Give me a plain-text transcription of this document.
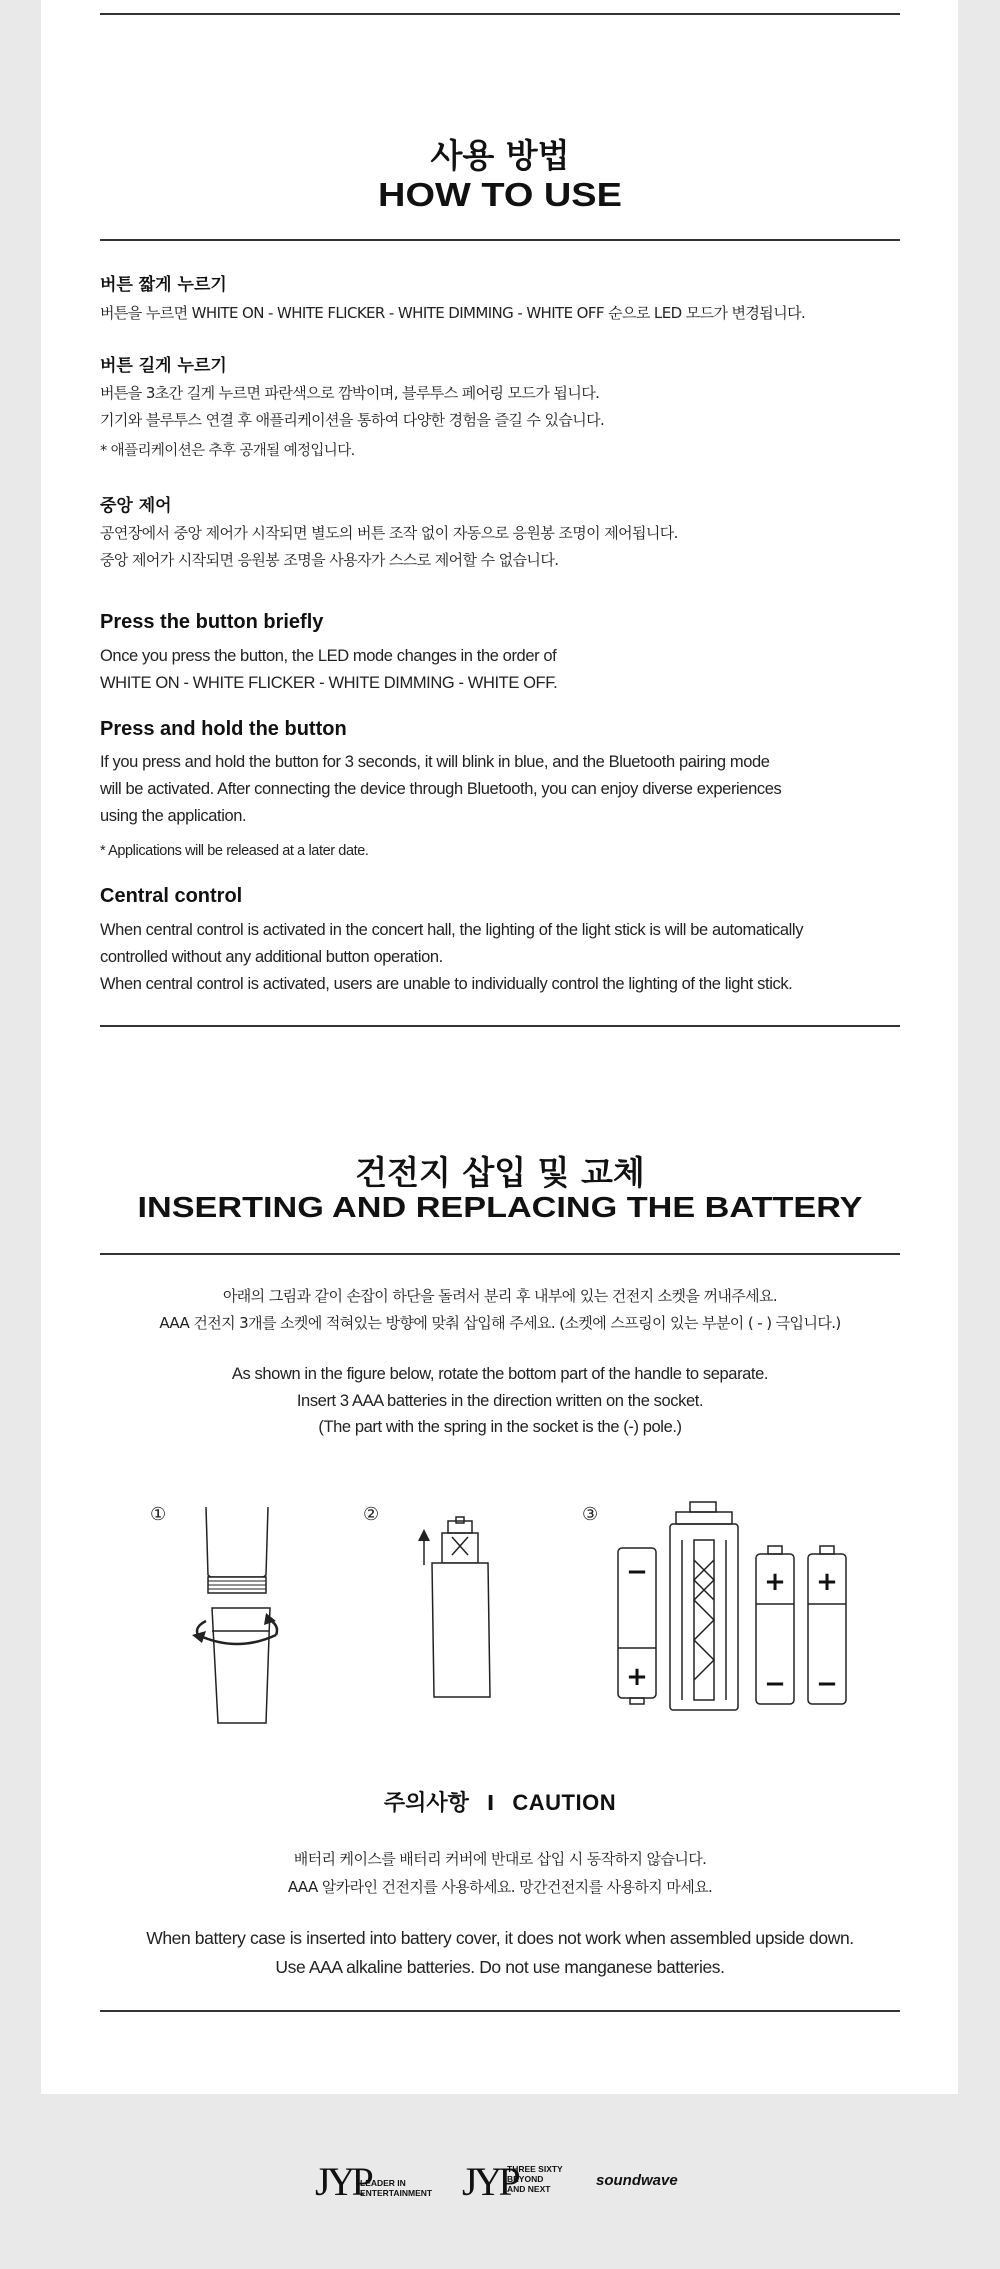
사용 방법
HOW TO USE
버튼 짧게 누르기
버튼을 누르면 WHITE ON - WHITE FLICKER - WHITE DIMMING - WHITE OFF 순으로 LED 모드가 변경됩니다.
버튼 길게 누르기
버튼을 3초간 길게 누르면 파란색으로 깜박이며, 블루투스 페어링 모드가 됩니다.
기기와 블루투스 연결 후 애플리케이션을 통하여 다양한 경험을 즐길 수 있습니다.
* 애플리케이션은 추후 공개될 예정입니다.
중앙 제어
공연장에서 중앙 제어가 시작되면 별도의 버튼 조작 없이 자동으로 응원봉 조명이 제어됩니다.
중앙 제어가 시작되면 응원봉 조명을 사용자가 스스로 제어할 수 없습니다.
Press the button briefly
Once you press the button, the LED mode changes in the order of
WHITE ON - WHITE FLICKER - WHITE DIMMING - WHITE OFF.
Press and hold the button
If you press and hold the button for 3 seconds, it will blink in blue, and the Bluetooth pairing mode
will be activated. After connecting the device through Bluetooth, you can enjoy diverse experiences
using the application.
* Applications will be released at a later date.
Central control
When central control is activated in the concert hall, the lighting of the light stick is will be automatically
controlled without any additional button operation.
When central control is activated, users are unable to individually control the lighting of the light stick.
건전지 삽입 및 교체
INSERTING AND REPLACING THE BATTERY
아래의 그림과 같이 손잡이 하단을 돌려서 분리 후 내부에 있는 건전지 소켓을 꺼내주세요.
AAA 건전지 3개를 소켓에 적혀있는 방향에 맞춰 삽입해 주세요. (소켓에 스프링이 있는 부분이 ( - ) 극입니다.)
As shown in the figure below, rotate the bottom part of the handle to separate.
Insert 3 AAA batteries in the direction written on the socket.
(The part with the spring in the socket is the (-) pole.)
①	②	③
−
+
+
−
+
−
주의사항 I CAUTION
배터리 케이스를 배터리 커버에 반대로 삽입 시 동작하지 않습니다.
AAA 알카라인 건전지를 사용하세요. 망간건전지를 사용하지 마세요.
When battery case is inserted into battery cover, it does not work when assembled upside down.
Use AAA alkaline batteries. Do not use manganese batteries.
JYP
LEADER IN
ENTERTAINMENT JYP
THREE SIXTY
BEYOND
AND NEXT	soundwave
